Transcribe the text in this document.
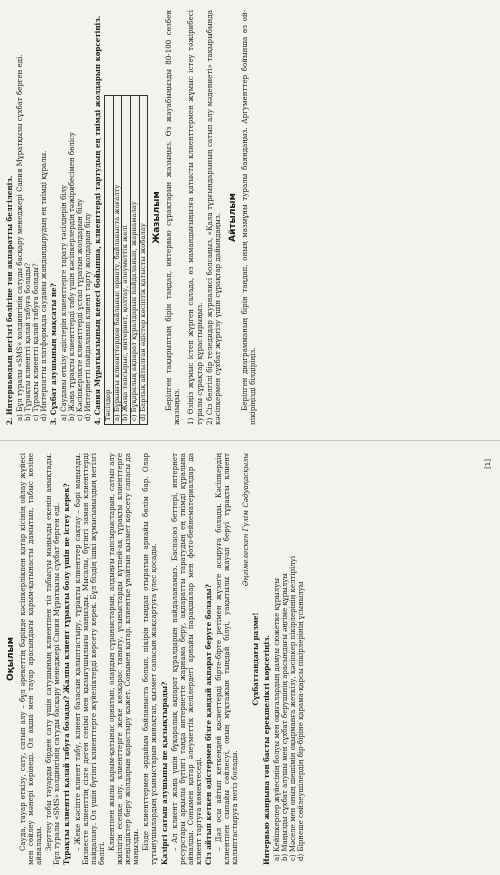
Оқылым Сауда, тауар өткізу, сату, сатып алу – бұл әрекеттің бәрінде кәсіпкерлікпен қатар кісінің ойлау жүйесі мен сөйлеу мәнері көрінеді. Ол ақша мен тауар арасындағы қарым-қатынасты дамытып, табыс көзіне айналады. Зерттеу тобы тауарды бірден сату үшін сатушының клиентпен тіл табысуы маңызды екенін анықтады. Бұл туралы «SMS» холдингінің сатуды басқару менеджері Сания Мұратқызы сұхбат берген еді. Тұрақты клиентті қалай табуға болады? Жалпы клиент тұрақты болу үшін не істеу керек? – Жеке кәсіпте клиент табу, клиент базасын қалыптастыру, тұрақты клиенттер сақтау – бәрі маңызды. Бизнесте клиенттің сізге деген сенімі мен қызығушылығы маңызды. Мысалы, бүгінгі заман клиенттерді пайдалану. Ол үшін бүгінгі клиенттерге жүйеліктерді көрсету керек. Бұл біздің ішкі жұмысымыздың негізгі бөлігі.

Клиентпен жылы қарым-қатынас орнатып, олардың сұраныстарын, алдыңғы тапсырыстарын, сатып алу жиілігін есепке алу, клиенттерге жеке көзқарас таныту, ұсыныстарды күтпей-ақ тұрақты клиенттерге жеңілдіктер беру жолдарын қарастыру қажет. Сонымен қатар, клиентке ұнайтын қызмет көрсету сапасы да маңызды. Бізде клиенттермен әрдайым байланыста болып, пікірін тыңдап отыратын арнайы бөлім бар. Олар тұтынушылардың ұсыныстарын жинақтап, қызмет сапасын жақсартуға үлес қосады. Қазіргі сатып алушыны не қызықтырады? – Ал клиент жаңа үшін бұқаралық ақпарат құралдарын пайдаланамыз. Баспасөз беттері, интернет ресурстары арқылы бүгінгі таңда интернетте жарнама беру, ақпаратты таратудың ең тиімді құралына айналды. Сонымен қатар әлеуметтік желілердегі арнайы парақшалар мен фото-бейнематериалдар да клиент тартуға көмектеседі. Сіз айтып кеткен әдістермен бізге қандай ақпарат беруге болады? – Дәл осы айтып кеткендей қасиеттерді бірте-бірте ретімен жүзеге асыруға болады. Кәсіпкердің клиентпен сыпайы сөйлесуі, оның мұқтажын тыңдай білуі, уақытылы жауап беруі тұрақты клиент қалыптастыруға негіз болады.

Әңгімелескен Гүлім Сәдуақасқызы

Сұхбаттандағы разме! Интервью жанрына тән басты ерекшелікті көрсетіңіз. a) Кейіпкерлер жүйесінің болуы мен оқиғалардың дамуы сюжетке құрылуы b) Маңызды сұхбат алушы мен сұхбат берушінің арасындағы әңгіме құрылуы c) Мәселе мен оның шешімін оқырманға жеткізу, кәсіпкер пікірлерінің келтірілуі d) Бірнеше сөйлеушілердің бір-біріне қарама-қарсы пікірлерінің ұсынылуы
[1]

2. Интервьюдың негізгі бөлігіне тән ақпаратты белгілеңіз. a) Бұл туралы «SMS» холдингінің сатуды басқару менеджері Сания Мұратқызы сұхбат берген еді. b) Тұрақты клиентті қалай табуға болады? c) Тұрақты клиентті қалай табуға болады? d) Интерпатты платформада сауданы жандандырудың ең тиімді құралы. 3. Сұхбат алушының мақсаты не? a) Сауданы өткізу әдістерін клиенттерге тарату тәсілдерін білу b) Жаңа тұрақты клиенттерді табу үшін кәсіпкерлердің тәжірибесімен бөлісу c) Кәсіпкерлікте клиенттерді ұстап тұратын жолдарын білу d) Интернетті пайдаланып клиент тарту жолдарын білу 4. Сания Мұратқызының кеңесі бойынша, клиенттерді тартудың ең тиімді жолдарын көрсетіңіз. Тәсілдер
a) Бұрынғы клиенттерден байланыс орнату, байланыста жоғалту
b) Жаңа тапсырыс, интернет, қолтау, әлеуметтік желі
c) Бұқаралық ақпарат құралдарын пайдаланып, жарнамалау
d) Барлық айтылған әдістер кәсіптік қатысты жобалау
Жазылым Берілген тақырыптың бірін таңдап, интервью сұрақтарын жазыңыз. Өз жауабыңызды 80-100 сөзбен жазыңыз. 1) Өзіңіз жұмыс істеп жүрген салада, өз мамандығыңызға қатысты клиенттермен жұмыс істеу тәжірибесі туралы сұрақтар құрастырыңыз. 2) Сіз белгілі бір теледидар журналисі болсаңыз, «Қала тұрғындарының сатып алу мәдениеті» тақырыбында кәсіпкермен сұхбат жүргізу үшін сұрақтар дайындаңыз. Айтылым Берілген диаграмманың бірін таңдап, оның мазмұны туралы баяндаңыз. Аргументтер бойынша өз ой-пікіріңізді білдіріңіз.
